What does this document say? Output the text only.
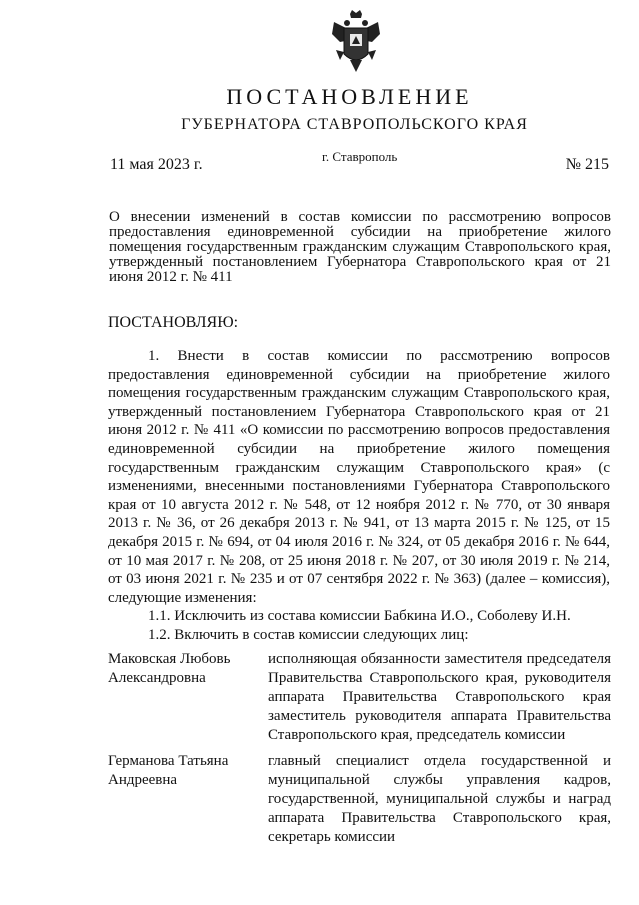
ПОСТАНОВЛЕНИЕ
ГУБЕРНАТОРА СТАВРОПОЛЬСКОГО КРАЯ
11 мая 2023 г.	г. Ставрополь	№ 215
О внесении изменений в состав комиссии по рассмотрению вопросов предоставления единовременной субсидии на приобретение жилого помещения государственным гражданским служащим Ставропольского края, утвержденный постановлением Губернатора Ставропольского края от 21 июня 2012 г. № 411
ПОСТАНОВЛЯЮ:

1. Внести в состав комиссии по рассмотрению вопросов предоставления единовременной субсидии на приобретение жилого помещения государственным гражданским служащим Ставропольского края, утвержденный постановлением Губернатора Ставропольского края от 21 июня 2012 г. № 411 «О комиссии по рассмотрению вопросов предоставления единовременной субсидии на приобретение жилого помещения государственным гражданским служащим Ставропольского края» (с изменениями, внесенными постановлениями Губернатора Ставропольского края от 10 августа 2012 г. № 548, от 12 ноября 2012 г. № 770, от 30 января 2013 г. № 36, от 26 декабря 2013 г. № 941, от 13 марта 2015 г. № 125, от 15 декабря 2015 г. № 694, от 04 июля 2016 г. № 324, от 05 декабря 2016 г. № 644, от 10 мая 2017 г. № 208, от 25 июня 2018 г. № 207, от 30 июля 2019 г. № 214, от 03 июня 2021 г. № 235 и от 07 сентября 2022 г. № 363) (далее – комиссия), следующие изменения:

1.1. Исключить из состава комиссии Бабкина И.О., Соболеву И.Н.

1.2. Включить в состав комиссии следующих лиц:

Маковская Любовь Александровна
исполняющая обязанности заместителя председателя Правительства Ставропольского края, руководителя аппарата Правительства Ставропольского края заместитель руководителя аппарата Правительства Ставропольского края, председатель комиссии
Германова Татьяна Андреевна
главный специалист отдела государственной и муниципальной службы управления кадров, государственной, муниципальной службы и наград аппарата Правительства Ставропольского края, секретарь комиссии
